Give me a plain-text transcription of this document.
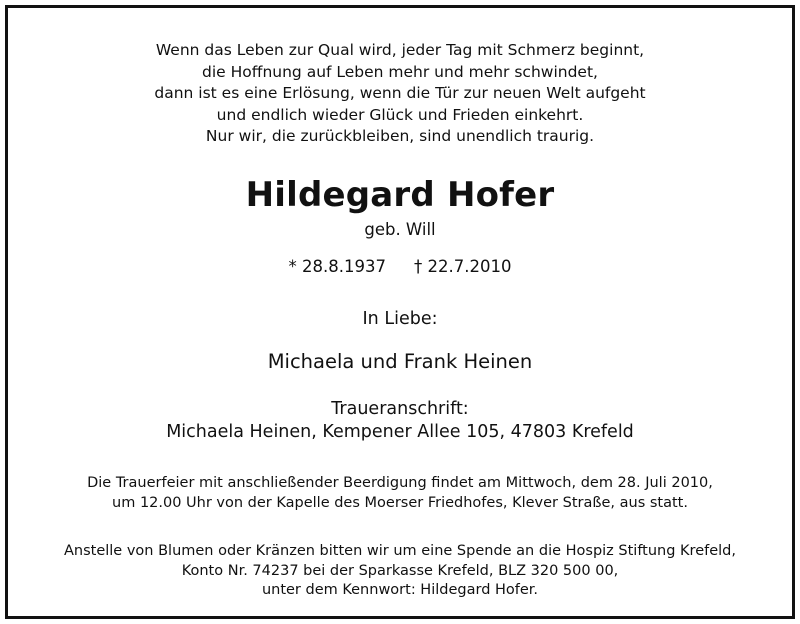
Wenn das Leben zur Qual wird, jeder Tag mit Schmerz beginnt,
die Hoffnung auf Leben mehr und mehr schwindet,
dann ist es eine Erlösung, wenn die Tür zur neuen Welt aufgeht
und endlich wieder Glück und Frieden einkehrt.
Nur wir, die zurückbleiben, sind unendlich traurig.
Hildegard Hofer
geb. Will
* 28.8.1937 † 22.7.2010
In Liebe:
Michaela und Frank Heinen
Traueranschrift:
Michaela Heinen, Kempener Allee 105, 47803 Krefeld
Die Trauerfeier mit anschließender Beerdigung findet am Mittwoch, dem 28. Juli 2010,
um 12.00 Uhr von der Kapelle des Moerser Friedhofes, Klever Straße, aus statt.
Anstelle von Blumen oder Kränzen bitten wir um eine Spende an die Hospiz Stiftung Krefeld,
Konto Nr. 74237 bei der Sparkasse Krefeld, BLZ 320 500 00,
unter dem Kennwort: Hildegard Hofer.
